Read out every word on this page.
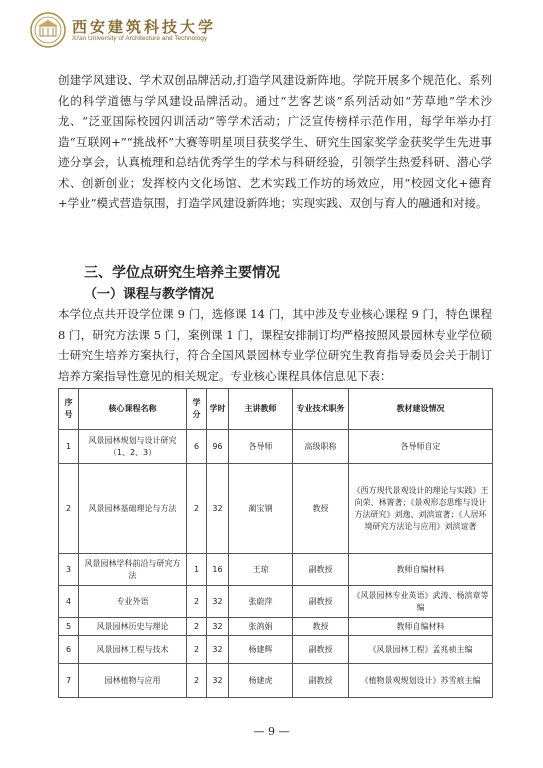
西安建筑科技大学
Xi'an University of Architecture and Technology
创建学风建设、学术双创品牌活动,打造学风建设新阵地。学院开展多个规范化、系列化的科学道德与学风建设品牌活动。通过“艺客艺谈”系列活动如“芳草地”学术沙龙、“泛亚国际校园闪训活动”等学术活动；广泛宣传榜样示范作用，每学年举办打造“互联网+”“挑战杯”大赛等明星项目获奖学生、研究生国家奖学金获奖学生先进事迹分享会，认真梳理和总结优秀学生的学术与科研经验，引领学生热爱科研、潜心学术、创新创业；发挥校内文化场馆、艺术实践工作坊的场效应，用“校园文化+德育+学业”模式营造氛围，打造学风建设新阵地；实现实践、双创与育人的融通和对接。
三、学位点研究生培养主要情况
（一）课程与教学情况
本学位点共开设学位课 9 门，选修课 14 门，其中涉及专业核心课程 9 门，特色课程 8 门，研究方法课 5 门，案例课 1 门，课程安排制订均严格按照风景园林专业学位硕士研究生培养方案执行，符合全国风景园林专业学位研究生教育指导委员会关于制订培养方案指导性意见的相关规定。专业核心课程具体信息见下表：
序号	核心课程名称	学分	学时	主讲教师	专业技术职务	教材建设情况
1	风景园林规划与设计研究（1、2、3）	6	96	各导师	高级职称	各导师自定
2	风景园林基础理论与方法	2	32	蔺宝钢	教授	《西方现代景观设计的理论与实践》王向荣、林箐著；《景观形态思维与设计方法研究》刘逸、刘滨谊著；《人居环境研究方法论与应用》刘滨谊著
3	风景园林学科前沿与研究方法	1	16	王琼	副教授	教师自编材料
4	专业外语	2	32	张蔚萍	副教授	《风景园林专业英语》武涛、杨滨章等编
5	风景园林历史与理论	2	32	张鸽娟	教授	教师自编材料
6	风景园林工程与技术	2	32	杨建辉	副教授	《风景园林工程》孟兆祯主编
7	园林植物与应用	2	32	杨建虎	副教授	《植物景观规划设计》苏雪痕主编
— 9 —
